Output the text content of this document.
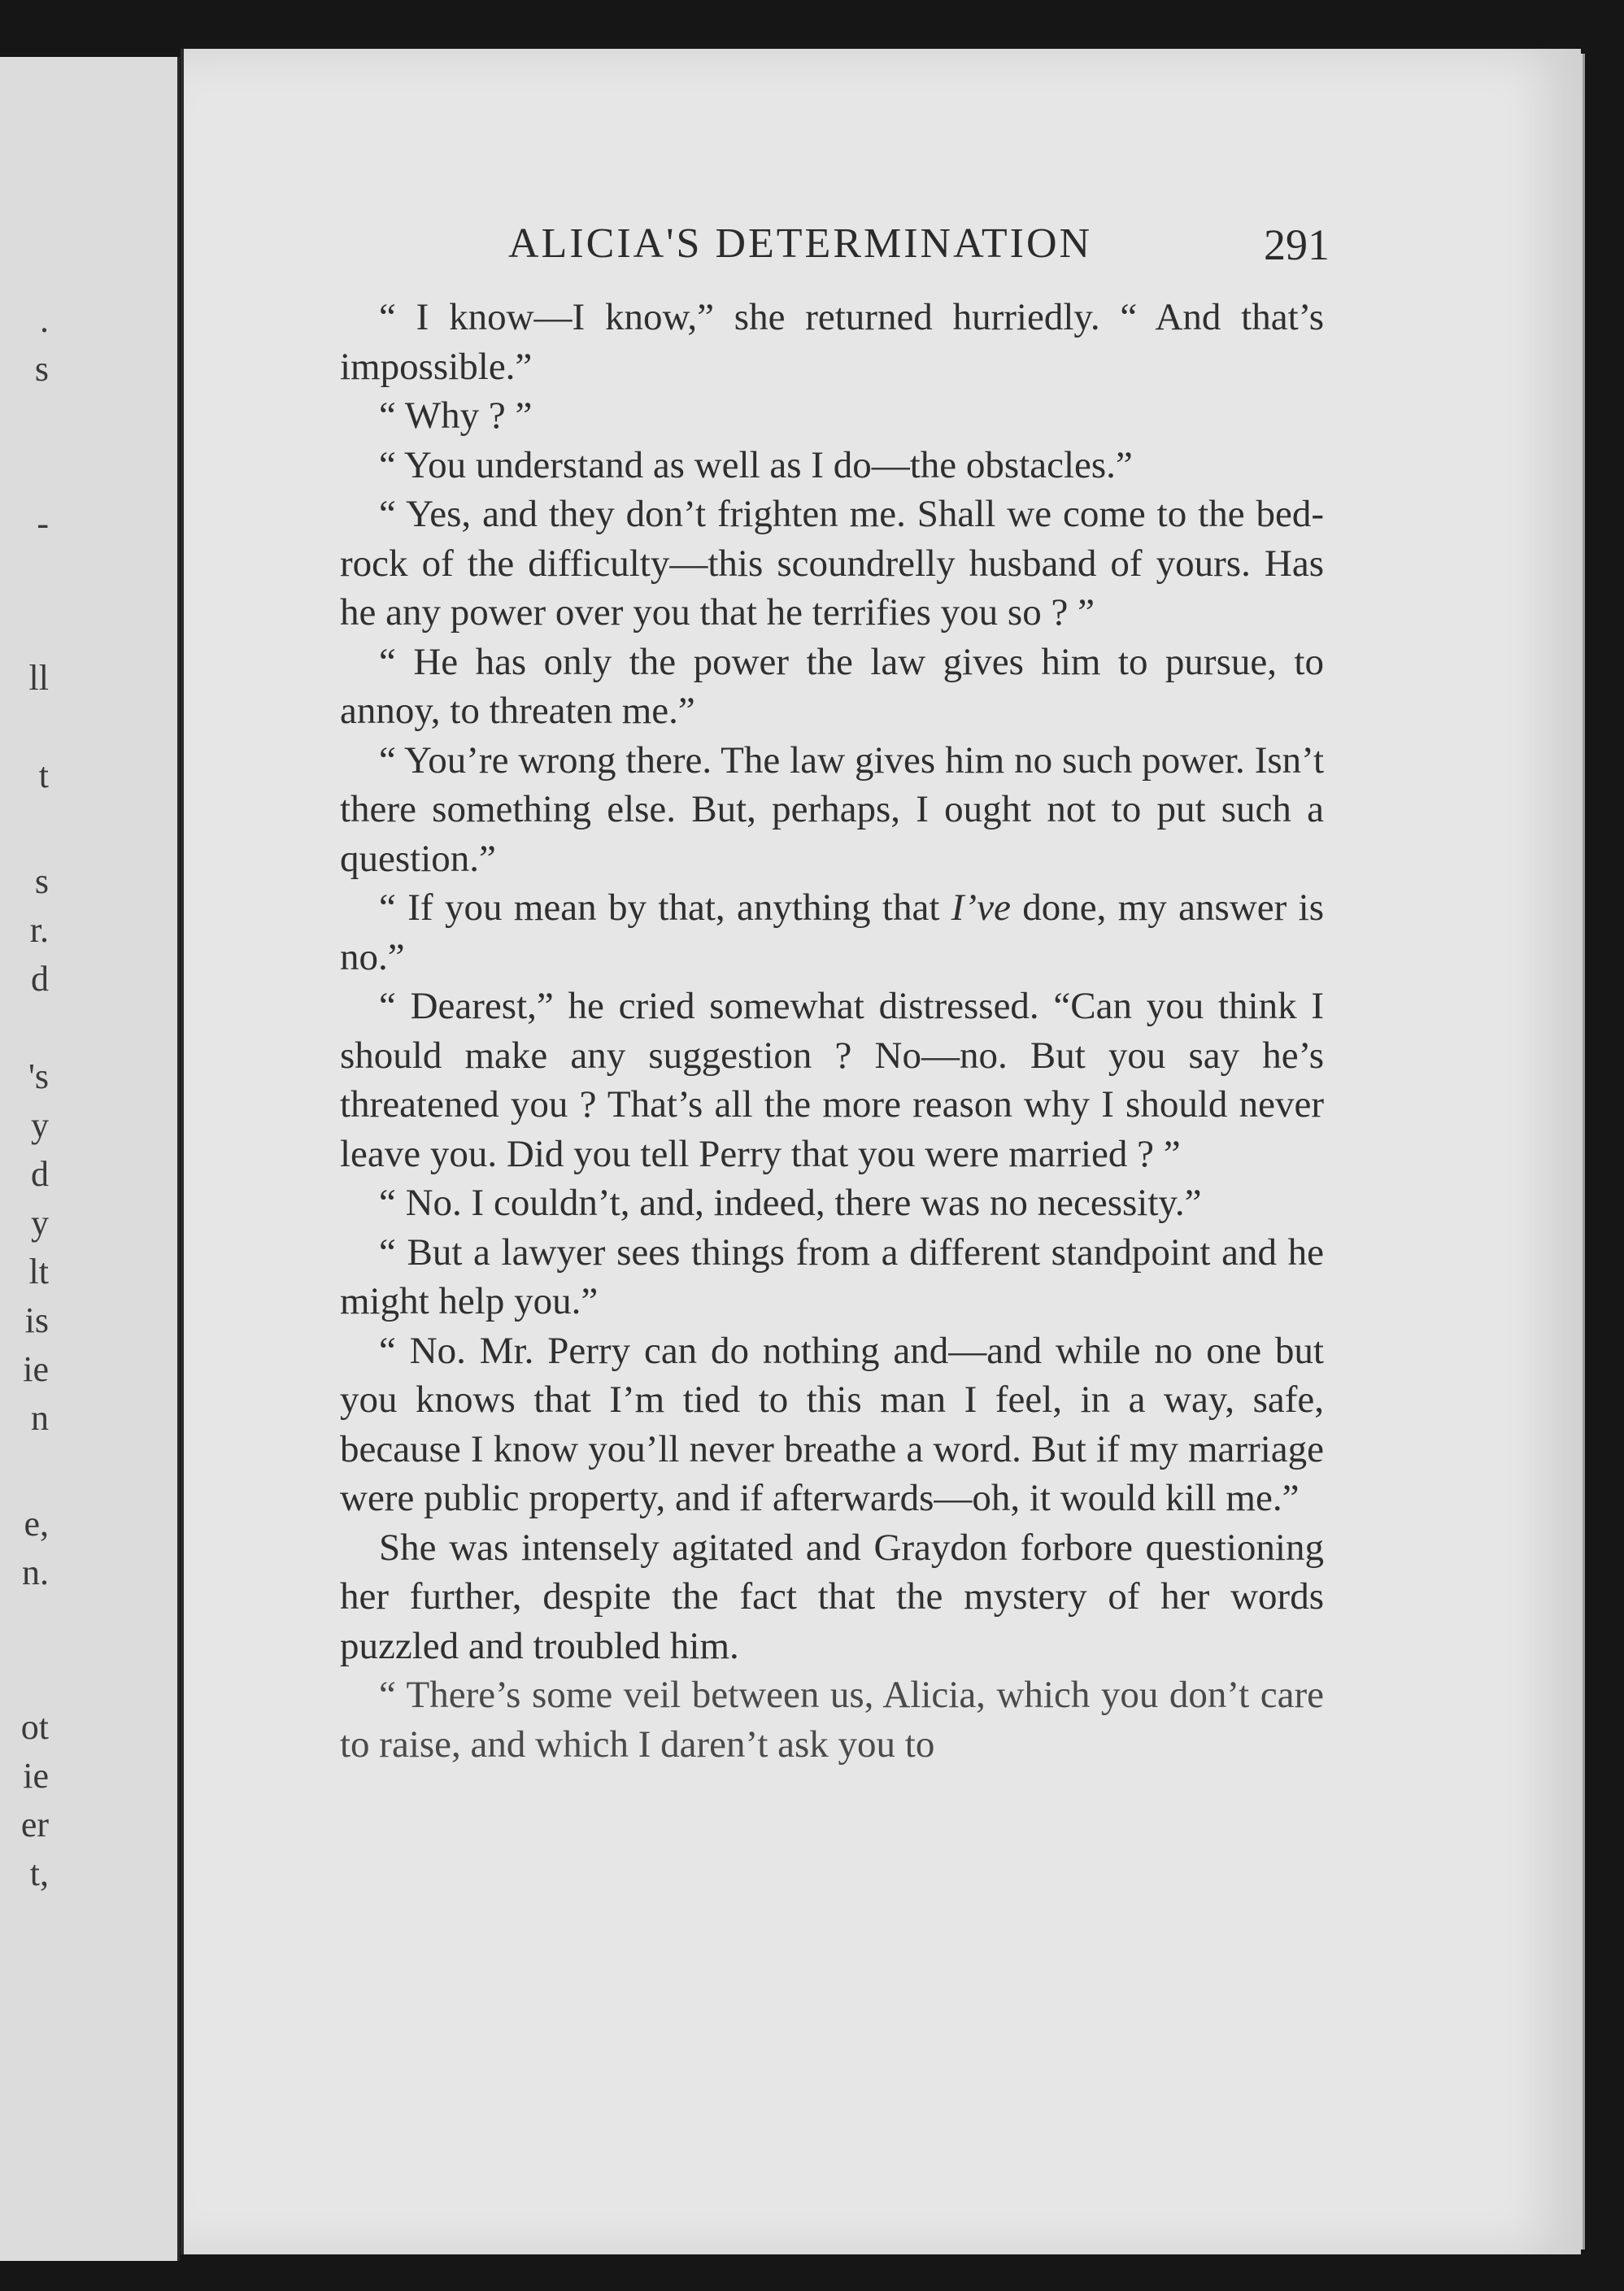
.
s
-
ll
t
s
r.
d
's
y
d
y
lt
is
ie
n
e,
n.
ot
ie
er
t,
ALICIA'S DETERMINATION	291

“ I know—I know,” she returned hurriedly. “ And that’s impossible.”

“ Why ? ”

“ You understand as well as I do—the obstacles.”

“ Yes, and they don’t frighten me. Shall we come to the bed-rock of the difficulty—this scoundrelly husband of yours. Has he any power over you that he terrifies you so ? ”

“ He has only the power the law gives him to pursue, to annoy, to threaten me.”

“ You’re wrong there. The law gives him no such power. Isn’t there something else. But, perhaps, I ought not to put such a question.”

“ If you mean by that, anything that I’ve done, my answer is no.”

“ Dearest,” he cried somewhat distressed. “Can you think I should make any suggestion ? No—no. But you say he’s threatened you ? That’s all the more reason why I should never leave you. Did you tell Perry that you were married ? ”

“ No. I couldn’t, and, indeed, there was no necessity.”

“ But a lawyer sees things from a different standpoint and he might help you.”

“ No. Mr. Perry can do nothing and—and while no one but you knows that I’m tied to this man I feel, in a way, safe, because I know you’ll never breathe a word. But if my marriage were public property, and if afterwards—oh, it would kill me.”

She was intensely agitated and Graydon forbore questioning her further, despite the fact that the mystery of her words puzzled and troubled him.

“ There’s some veil between us, Alicia, which you don’t care to raise, and which I daren’t ask you to
